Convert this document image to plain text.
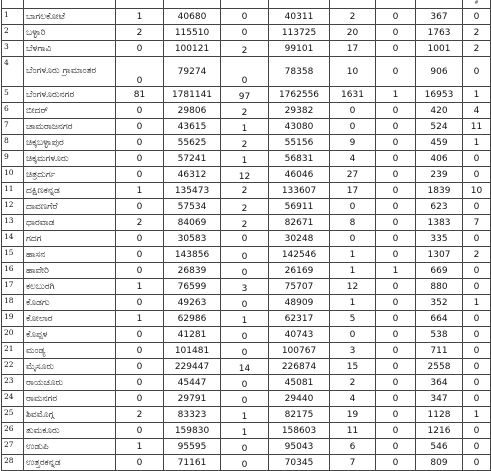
									#
1	ಬಾಗಲಕೋಟೆ	1	40680	0	40311	2	0	367	0
2	ಬಳ್ಳಾರಿ	2	115510	0	113725	20	0	1763	2
3	ಬೆಳಗಾವಿ	0	100121	2	99101	17	0	1001	2
4	ಬೆಂಗಳೂರು ಗ್ರಾಮಾಂತರ	0	79274	0	78358	10	0	906	0
5	ಬೆಂಗಳೂರುನಗರ	81	1781141	97	1762556	1631	1	16953	1
6	ಬೀದರ್	0	29806	2	29382	0	0	420	4
7	ಚಾಮರಾಜನಗರ	0	43615	1	43080	0	0	524	11
8	ಚಿಕ್ಕಬಳ್ಳಾಪುರ	0	55625	2	55156	9	0	459	1
9	ಚಿಕ್ಕಮಗಳೂರು	0	57241	1	56831	4	0	406	0
10	ಚಿತ್ರದುರ್ಗ	0	46312	12	46046	27	0	239	0
11	ದಕ್ಷಿಣಕನ್ನಡ	1	135473	2	133607	17	0	1839	10
12	ದಾವಣಗೆರೆ	0	57534	2	56911	0	0	623	0
13	ಧಾರವಾಡ	2	84069	2	82671	8	0	1383	7
14	ಗದಗ	0	30583	0	30248	0	0	335	0
15	ಹಾಸನ	0	143856	0	142546	1	0	1307	2
16	ಹಾವೇರಿ	0	26839	0	26169	1	1	669	0
17	ಕಲಬುರಗಿ	1	76599	3	75707	12	0	880	0
18	ಕೊಡಗು	0	49263	0	48909	1	0	352	1
19	ಕೋಲಾರ	1	62986	1	62317	5	0	664	0
20	ಕೊಪ್ಪಳ	0	41281	0	40743	0	0	538	0
21	ಮಂಡ್ಯ	0	101481	0	100767	3	0	711	0
22	ಮೈಸೂರು	0	229447	14	226874	15	0	2558	0
23	ರಾಯಚೂರು	0	45447	0	45081	2	0	364	0
24	ರಾಮನಗರ	0	29791	0	29440	4	0	347	0
25	ಶಿವಮೊಗ್ಗ	2	83323	1	82175	19	0	1128	1
26	ತುಮಕೂರು	0	159830	1	158603	11	0	1216	0
27	ಉಡುಪಿ	1	95595	0	95043	6	0	546	0
28	ಉತ್ತರಕನ್ನಡ	0	71161	0	70345	7	0	809	0
